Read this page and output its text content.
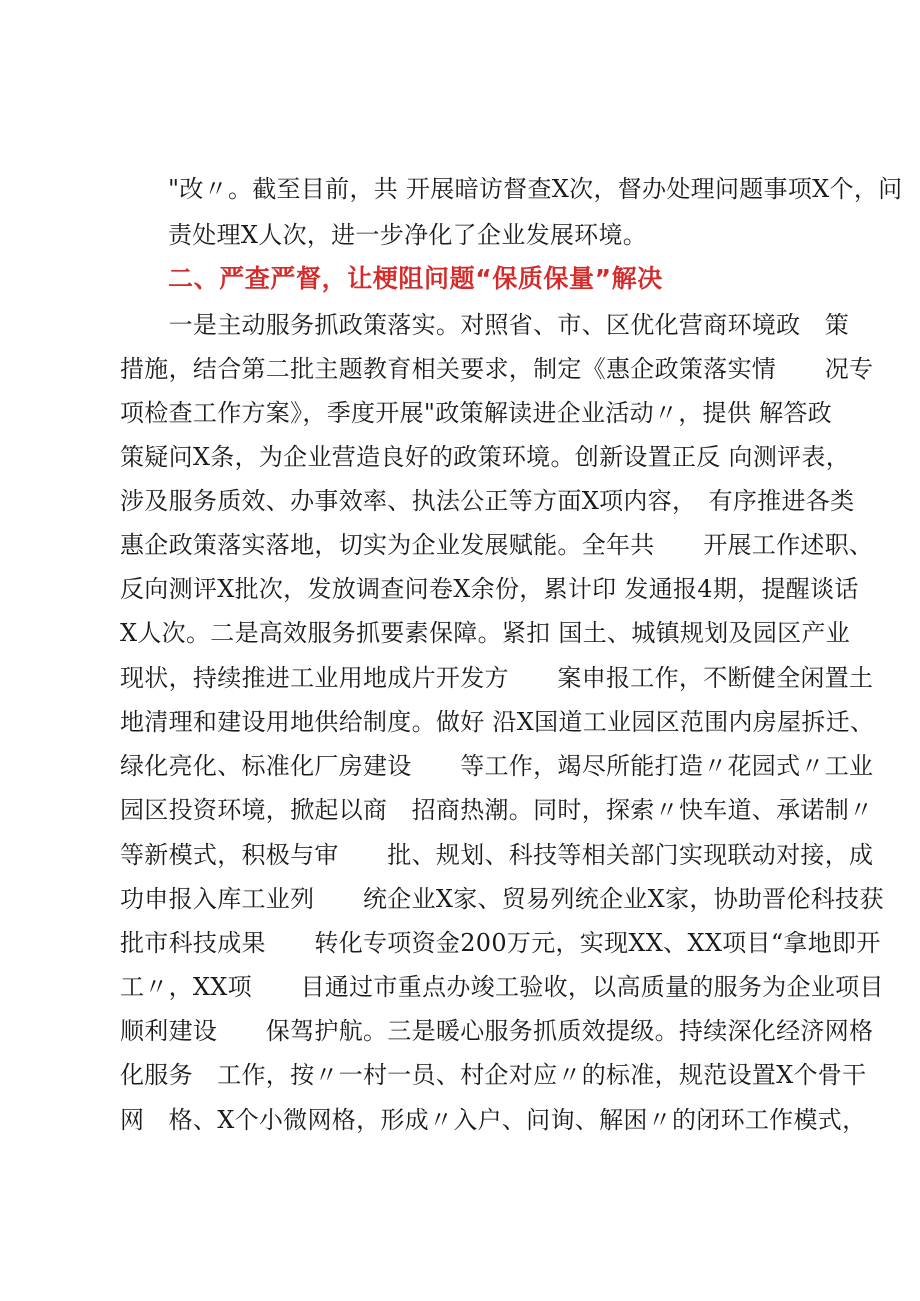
"改〃。截至目前，共 开展暗访督查X次，督办处理问题事项X个，问
责处理X人次，进一步净化了企业发展环境。
二、严查严督，让梗阻问题“保质保量”解决
　　一是主动服务抓政策落实。对照省、市、区优化营商环境政　策
措施，结合第二批主题教育相关要求，制定《惠企政策落实情　　况专
项检查工作方案》，季度开展"政策解读进企业活动〃，提供 解答政
策疑问X条，为企业营造良好的政策环境。创新设置正反 向测评表，
涉及服务质效、办事效率、执法公正等方面X项内容，　有序推进各类
惠企政策落实落地，切实为企业发展赋能。全年共　　开展工作述职、
反向测评X批次，发放调查问卷X余份，累计印 发通报4期，提醒谈话
X人次。二是高效服务抓要素保障。紧扣 国土、城镇规划及园区产业
现状，持续推进工业用地成片开发方　　案申报工作，不断健全闲置土
地清理和建设用地供给制度。做好 沿X国道工业园区范围内房屋拆迁、
绿化亮化、标准化厂房建设　　等工作，竭尽所能打造〃花园式〃工业
园区投资环境，掀起以商　招商热潮。同时，探索〃快车道、承诺制〃
等新模式，积极与审　　批、规划、科技等相关部门实现联动对接，成
功申报入库工业列　　统企业X家、贸易列统企业X家，协助晋伦科技获
批市科技成果　　转化专项资金200万元，实现XX、XX项目“拿地即开
工〃，XX项　　目通过市重点办竣工验收，以高质量的服务为企业项目
顺利建设　　保驾护航。三是暖心服务抓质效提级。持续深化经济网格
化服务　工作，按〃一村一员、村企对应〃的标准，规范设置X个骨干
网　格、X个小微网格，形成〃入户、问询、解困〃的闭环工作模式，
